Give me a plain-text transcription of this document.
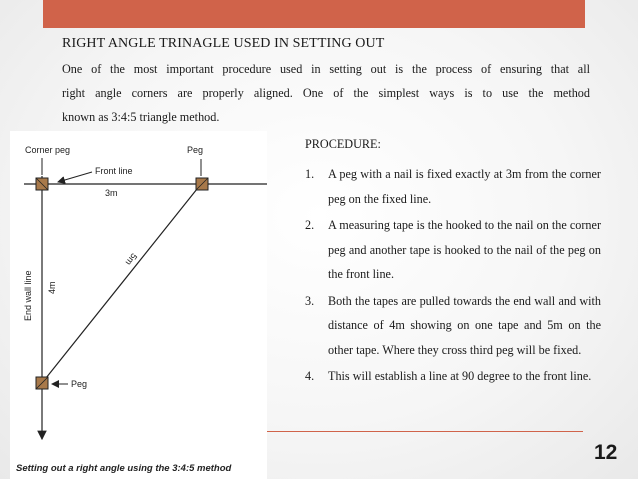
RIGHT ANGLE TRINAGLE USED IN SETTING OUT
One of the most important procedure used in setting out is the process of ensuring that all
right angle corners are properly aligned. One of the simplest ways is to use the method
known as 3:4:5 triangle method.
Corner peg
Front line
Peg
3m
5m
4m
End wall line
Peg
Setting out a right angle using the 3:4:5 method
PROCEDURE:
1.	A peg with a nail is fixed exactly at 3m from the corner peg on the fixed line.
2.	A measuring tape is the hooked to the nail on the corner peg and another tape is hooked to the nail of the peg on the front line.
3.	Both the tapes are pulled towards the end wall and with distance of 4m showing on one tape and 5m on the other tape. Where they cross third peg will be fixed.
4.	This will establish a line at 90 degree to the front line.
12
